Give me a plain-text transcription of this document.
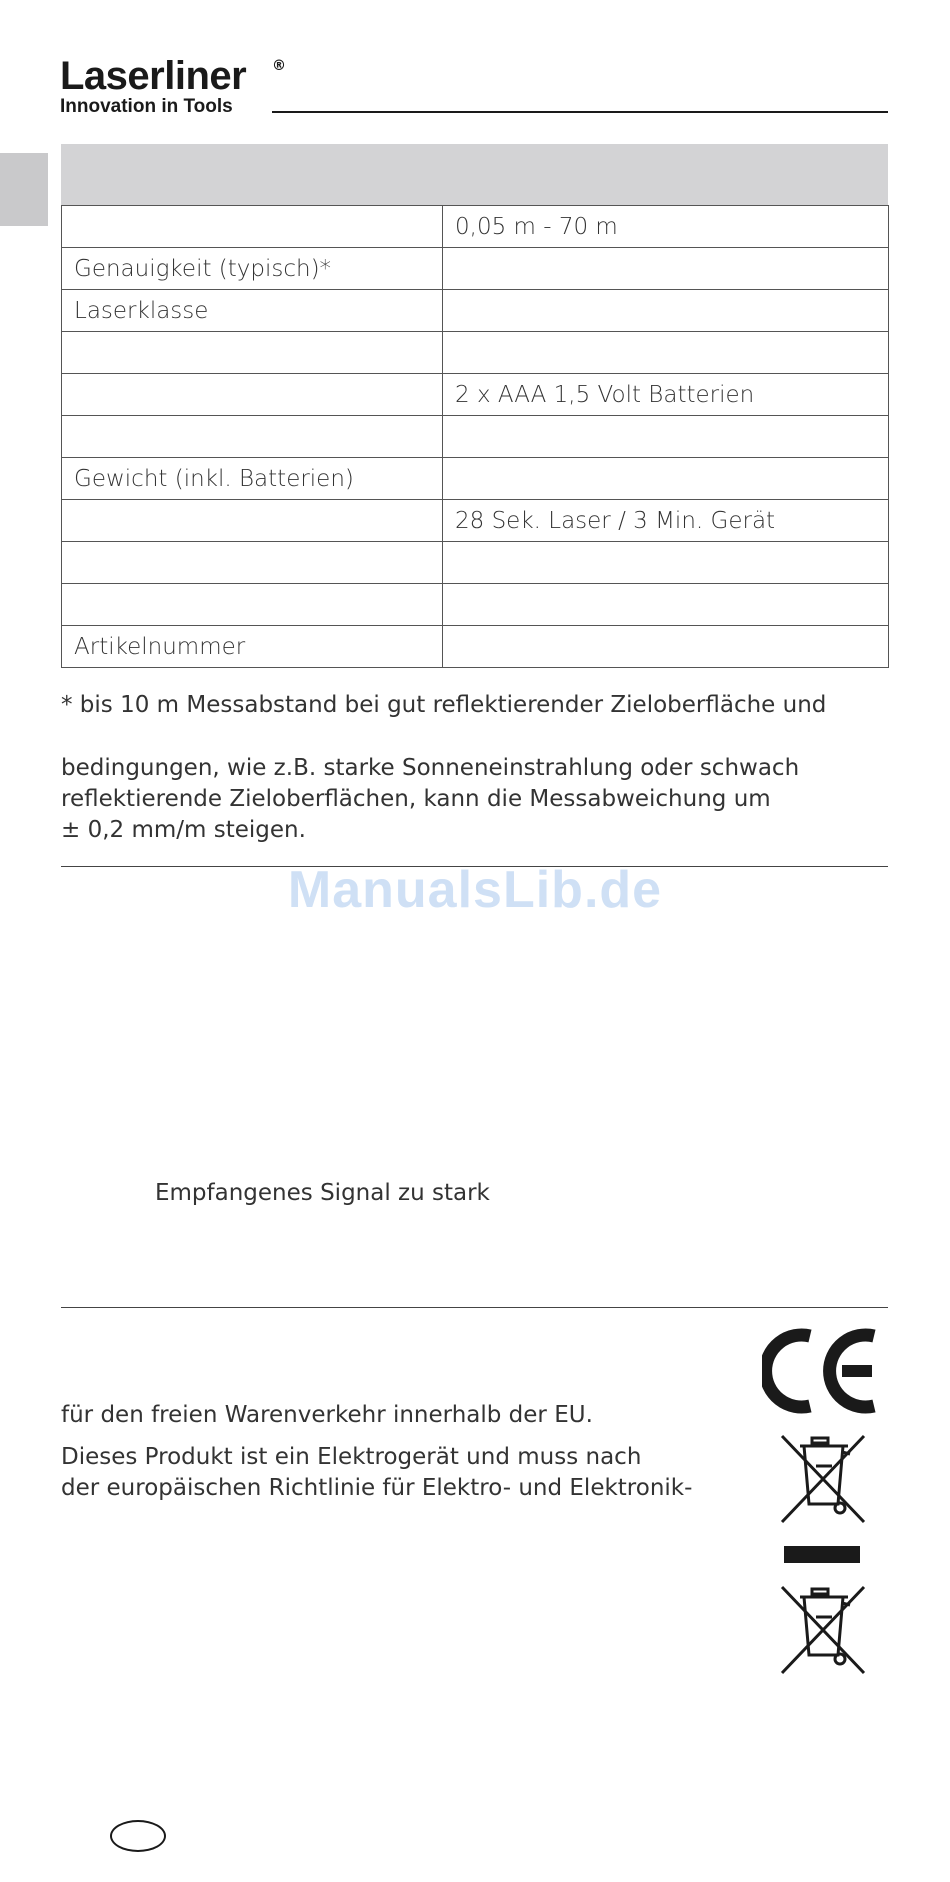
Laserliner ®
Innovation in Tools
	0,05 m - 70 m
Genauigkeit (typisch)*	
Laserklasse	

	2 x AAA 1,5 Volt Batterien

Gewicht (inkl. Batterien)	
	28 Sek. Laser / 3 Min. Gerät

Artikelnummer	
* bis 10 m Messabstand bei gut reflektierender Zieloberfläche und
bedingungen, wie z.B. starke Sonneneinstrahlung oder schwach
reflektierende Zieloberflächen, kann die Messabweichung um
± 0,2 mm/m steigen.
ManualsLib.de
Empfangenes Signal zu stark
für den freien Warenverkehr innerhalb der EU.
Dieses Produkt ist ein Elektrogerät und muss nach
der europäischen Richtlinie für Elektro- und Elektronik-
